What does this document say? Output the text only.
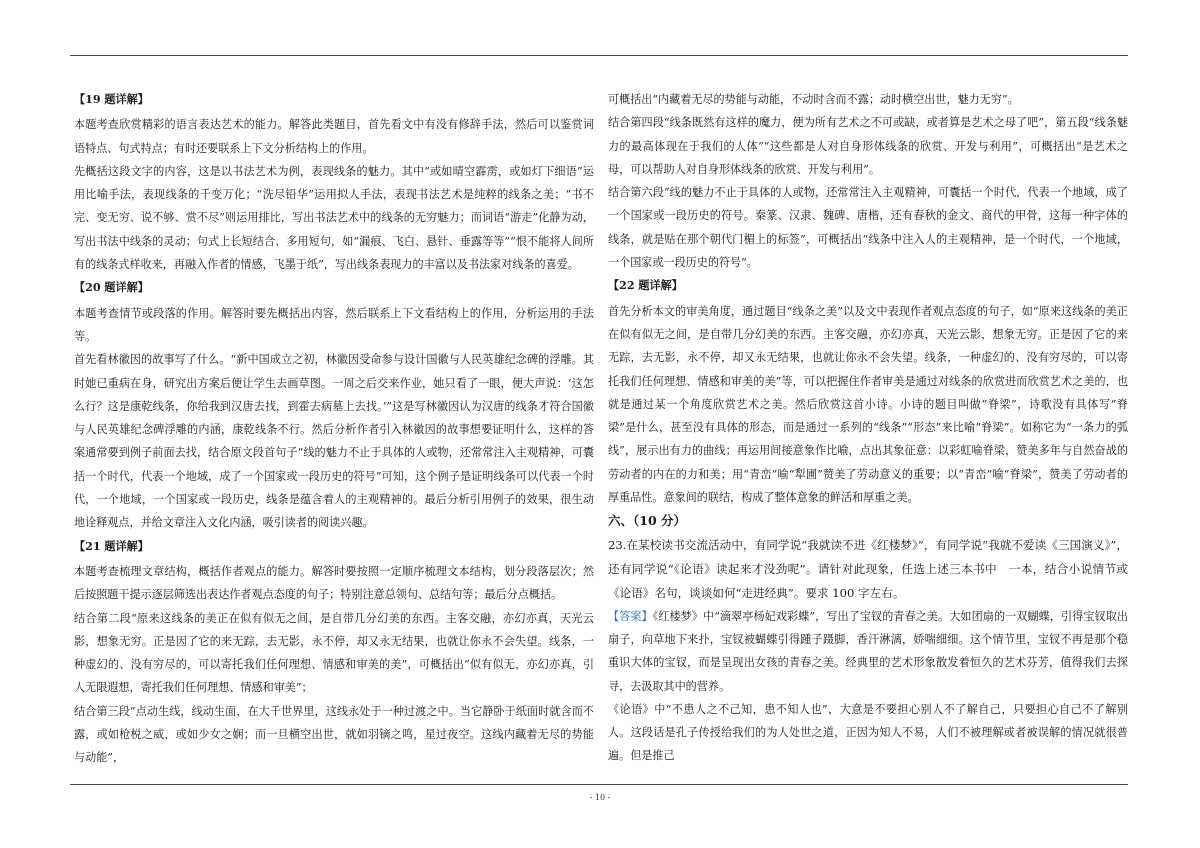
【19 题详解】

本题考查欣赏精彩的语言表达艺术的能力。解答此类题目，首先看文中有没有修辞手法，然后可以鉴赏词语特点、句式特点；有时还要联系上下文分析结构上的作用。

先概括这段文字的内容，这是以书法艺术为例，表现线条的魅力。其中“或如晴空霹雳，或如灯下细语”运用比喻手法，表现线条的千变万化；“洗尽铅华”运用拟人手法，表现书法艺术是纯粹的线条之美；“书不完、变无穷、说不够、赏不尽”则运用排比，写出书法艺术中的线条的无穷魅力；而词语“游走”化静为动，写出书法中线条的灵动；句式上长短结合、多用短句，如“漏痕、飞白、悬针、垂露等等”“恨不能将人间所有的线条式样收来，再融入作者的情感，飞墨于纸”，写出线条表现力的丰富以及书法家对线条的喜爱。

【20 题详解】

本题考查情节或段落的作用。解答时要先概括出内容，然后联系上下文看结构上的作用，分析运用的手法等。

首先看林徽因的故事写了什么。“新中国成立之初，林徽因受命参与设计国徽与人民英雄纪念碑的浮雕。其时她已重病在身，研究出方案后便让学生去画草图。一周之后交来作业，她只看了一眼，便大声说：‘这怎么行？这是康乾线条，你给我到汉唐去找，到霍去病墓上去找。’”这是写林徽因认为汉唐的线条才符合国徽与人民英雄纪念碑浮雕的内涵，康乾线条不行。然后分析作者引入林徽因的故事想要证明什么，这样的答案通常要到例子前面去找，结合原文段首句子“线的魅力不止于具体的人或物，还常常注入主观精神，可囊括一个时代，代表一个地域，成了一个国家或一段历史的符号”可知，这个例子是证明线条可以代表一个时代，一个地域，一个国家或一段历史，线条是蕴含着人的主观精神的。最后分析引用例子的效果，很生动地诠释观点，并给文章注入文化内涵，吸引读者的阅读兴趣。

【21 题详解】

本题考查梳理文章结构，概括作者观点的能力。解答时要按照一定顺序梳理文本结构，划分段落层次；然后按照题干提示逐层筛选出表达作者观点态度的句子；特别注意总领句、总结句等；最后分点概括。

结合第二段“原来这线条的美正在似有似无之间，是自带几分幻美的东西。主客交融，亦幻亦真，天光云影，想象无穷。正是因了它的来无踪，去无影，永不停，却又永无结果，也就让你永不会失望。线条，一种虚幻的、没有穷尽的，可以寄托我们任何理想、情感和审美的美”，可概括出“似有似无，亦幻亦真，引人无限遐想，寄托我们任何理想、情感和审美”；

结合第三段“点动生线，线动生面，在大千世界里，这线永处于一种过渡之中。当它静卧于纸面时就含而不露，或如枪棁之威，或如少女之娴；而一旦横空出世，就如羽镝之鸣，星过夜空。这线内藏着无尽的势能与动能”，

可概括出“内藏着无尽的势能与动能，不动时含而不露；动时横空出世，魅力无穷”。

结合第四段“线条既然有这样的魔力，便为所有艺术之不可或缺，或者算是艺术之母了吧”，第五段“线条魅力的最高体现在于我们的人体”“这些都是人对自身形体线条的欣赏、开发与利用”，可概括出“是艺术之母，可以帮助人对自身形体线条的欣赏、开发与利用”。

结合第六段“线的魅力不止于具体的人或物，还常常注入主观精神，可囊括一个时代，代表一个地域，成了一个国家或一段历史的符号。秦篆、汉隶、魏碑、唐楷，还有春秋的金文、商代的甲骨，这每一种字体的线条，就是贴在那个朝代门楣上的标签”，可概括出“线条中注入人的主观精神，是一个时代，一个地域，一个国家或一段历史的符号”。

【22 题详解】

首先分析本文的审美角度，通过题目“线条之美”以及文中表现作者观点态度的句子，如“原来这线条的美正在似有似无之间，是自带几分幻美的东西。主客交融，亦幻亦真，天光云影，想象无穷。正是因了它的来无踪，去无影，永不停，却又永无结果，也就让你永不会失望。线条，一种虚幻的、没有穷尽的，可以寄托我们任何理想、情感和审美的美”等，可以把握住作者审美是通过对线条的欣赏进而欣赏艺术之美的，也就是通过某一个角度欣赏艺术之美。然后欣赏这首小诗。小诗的题目叫做“脊梁”，诗歌没有具体写“脊梁”是什么，甚至没有具体的形态，而是通过一系列的“线条”“形态”来比喻“脊梁”。如称它为“一条力的弧线”，展示出有力的曲线；再运用间接意象作比喻，点出其象征意：以彩虹喻脊梁，赞美多年与自然奋战的劳动者的内在的力和美；用“青峦”喻“犁圃”赞美了劳动意义的重要；以“青峦”喻“脊梁”，赞美了劳动者的厚重品性。意象间的联结，构成了整体意象的鲜活和厚重之美。

六、（10 分）

23.在某校读书交流活动中，有同学说“我就读不进《红楼梦》”，有同学说“我就不爱读《三国演义》”，还有同学说“《论语》读起来才没劲呢”。请针对此现象，任选上述三本书中　一本，结合小说情节或《论语》名句，谈谈如何“走进经典”。要求 100 字左右。

【答案】《红楼梦》中“滴翠亭杨妃戏彩蝶”，写出了宝钗的青春之美。大如团扇的一双蝴蝶，引得宝钗取出扇子，向草地下来扑，宝钗被蝴蝶引得踵子蹑脚，香汗淋漓，娇喘细细。这个情节里，宝钗不再是那个稳重识大体的宝钗，而是呈现出女孩的青春之美。经典里的艺术形象散发着恒久的艺术芬芳，值得我们去探寻，去汲取其中的营养。

《论语》中“不患人之不己知，患不知人也”，大意是不要担心别人不了解自己，只要担心自己不了解别人。这段话是孔子传授给我们的为人处世之道，正因为知人不易，人们不被理解或者被误解的情况就很普遍。但是推己

- 10 -
